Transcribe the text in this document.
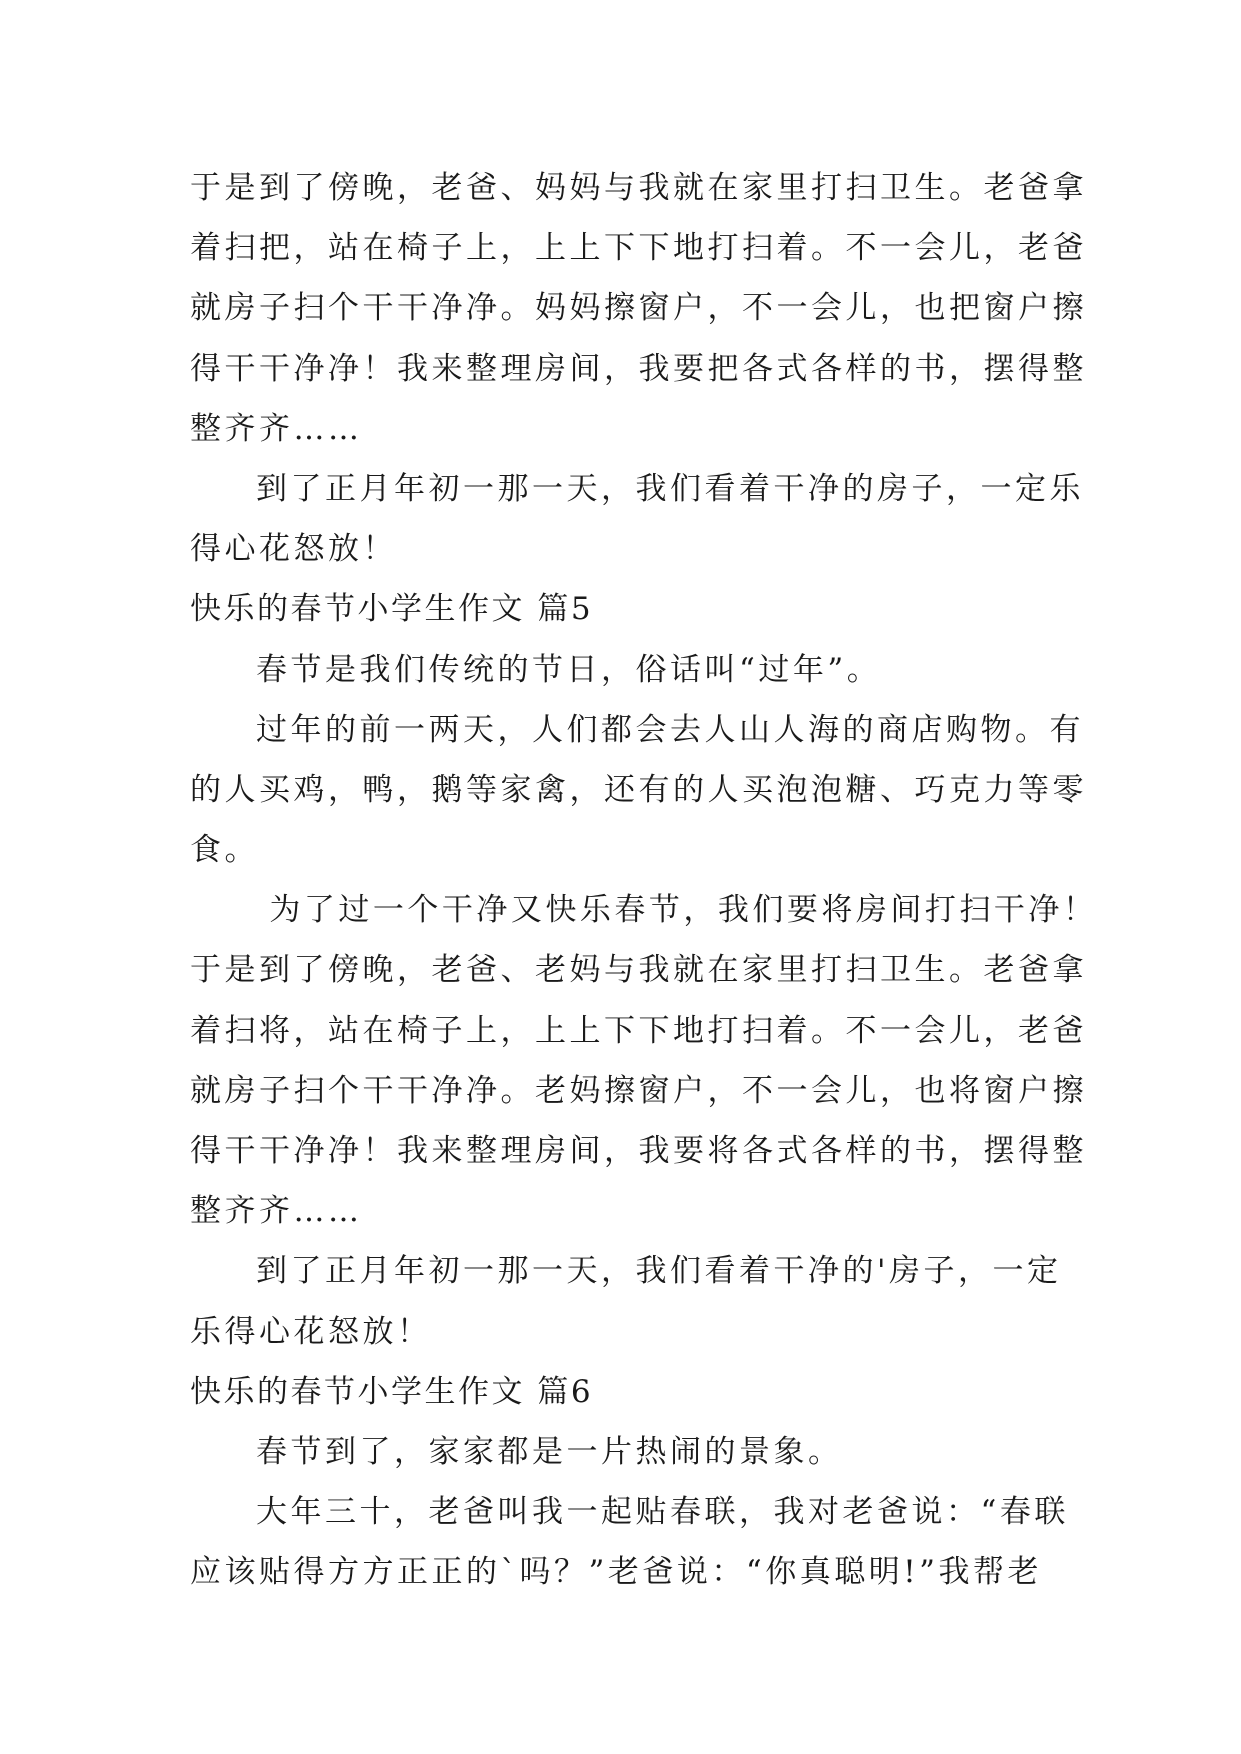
于是到了傍晚，老爸、妈妈与我就在家里打扫卫生。老爸拿
着扫把，站在椅子上，上上下下地打扫着。不一会儿，老爸
就房子扫个干干净净。妈妈擦窗户，不一会儿，也把窗户擦
得干干净净！我来整理房间，我要把各式各样的书，摆得整
整齐齐……
到了正月年初一那一天，我们看着干净的房子，一定乐
得心花怒放！
快乐的春节小学生作文 篇5
春节是我们传统的节日，俗话叫“过年”。
过年的前一两天，人们都会去人山人海的商店购物。有
的人买鸡，鸭，鹅等家禽，还有的人买泡泡糖、巧克力等零
食。
为了过一个干净又快乐春节，我们要将房间打扫干净！
于是到了傍晚，老爸、老妈与我就在家里打扫卫生。老爸拿
着扫将，站在椅子上，上上下下地打扫着。不一会儿，老爸
就房子扫个干干净净。老妈擦窗户，不一会儿，也将窗户擦
得干干净净！我来整理房间，我要将各式各样的书，摆得整
整齐齐……
到了正月年初一那一天，我们看着干净的'房子，一定
乐得心花怒放！
快乐的春节小学生作文 篇6
春节到了，家家都是一片热闹的景象。
大年三十，老爸叫我一起贴春联，我对老爸说：“春联
应该贴得方方正正的`吗？”老爸说：“你真聪明!”我帮老
